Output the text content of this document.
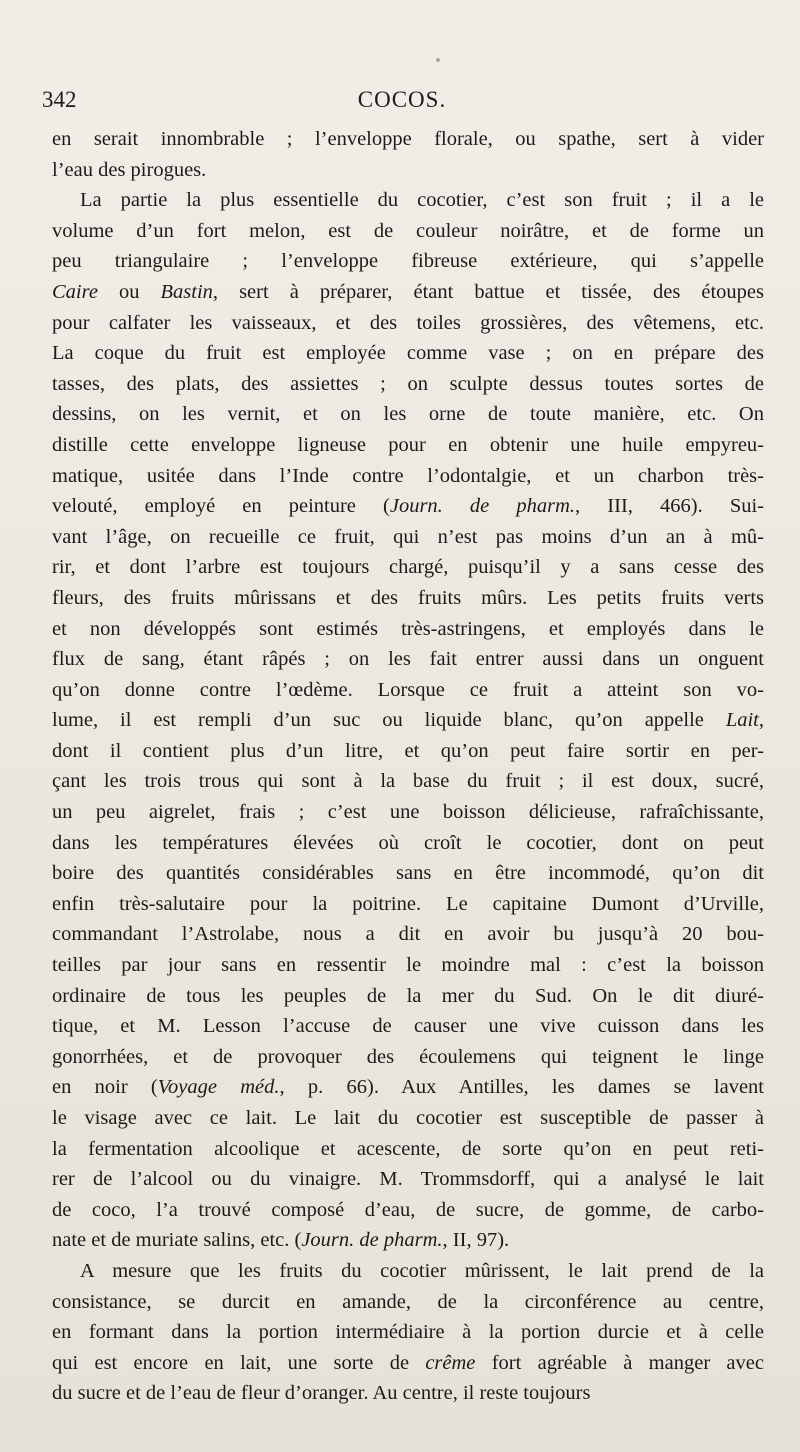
342	COCOS.

en serait innombrable ; l’enveloppe florale, ou spathe, sert à vider
l’eau des pirogues.

La partie la plus essentielle du cocotier, c’est son fruit ; il a le
volume d’un fort melon, est de couleur noirâtre, et de forme un
peu triangulaire ; l’enveloppe fibreuse extérieure, qui s’appelle
Caire ou Bastin, sert à préparer, étant battue et tissée, des étoupes
pour calfater les vaisseaux, et des toiles grossières, des vêtemens, etc.
La coque du fruit est employée comme vase ; on en prépare des
tasses, des plats, des assiettes ; on sculpte dessus toutes sortes de
dessins, on les vernit, et on les orne de toute manière, etc. On
distille cette enveloppe ligneuse pour en obtenir une huile empyreu-
matique, usitée dans l’Inde contre l’odontalgie, et un charbon très-
velouté, employé en peinture (Journ. de pharm., III, 466). Sui-
vant l’âge, on recueille ce fruit, qui n’est pas moins d’un an à mû-
rir, et dont l’arbre est toujours chargé, puisqu’il y a sans cesse des
fleurs, des fruits mûrissans et des fruits mûrs. Les petits fruits verts
et non développés sont estimés très-astringens, et employés dans le
flux de sang, étant râpés ; on les fait entrer aussi dans un onguent
qu’on donne contre l’œdème. Lorsque ce fruit a atteint son vo-
lume, il est rempli d’un suc ou liquide blanc, qu’on appelle Lait,
dont il contient plus d’un litre, et qu’on peut faire sortir en per-
çant les trois trous qui sont à la base du fruit ; il est doux, sucré,
un peu aigrelet, frais ; c’est une boisson délicieuse, rafraîchissante,
dans les températures élevées où croît le cocotier, dont on peut
boire des quantités considérables sans en être incommodé, qu’on dit
enfin très-salutaire pour la poitrine. Le capitaine Dumont d’Urville,
commandant l’Astrolabe, nous a dit en avoir bu jusqu’à 20 bou-
teilles par jour sans en ressentir le moindre mal : c’est la boisson
ordinaire de tous les peuples de la mer du Sud. On le dit diuré-
tique, et M. Lesson l’accuse de causer une vive cuisson dans les
gonorrhées, et de provoquer des écoulemens qui teignent le linge
en noir (Voyage méd., p. 66). Aux Antilles, les dames se lavent
le visage avec ce lait. Le lait du cocotier est susceptible de passer à
la fermentation alcoolique et acescente, de sorte qu’on en peut reti-
rer de l’alcool ou du vinaigre. M. Trommsdorff, qui a analysé le lait
de coco, l’a trouvé composé d’eau, de sucre, de gomme, de carbo-
nate et de muriate salins, etc. (Journ. de pharm., II, 97).

A mesure que les fruits du cocotier mûrissent, le lait prend de la
consistance, se durcit en amande, de la circonférence au centre,
en formant dans la portion intermédiaire à la portion durcie et à celle
qui est encore en lait, une sorte de crême fort agréable à manger avec
du sucre et de l’eau de fleur d’oranger. Au centre, il reste toujours
